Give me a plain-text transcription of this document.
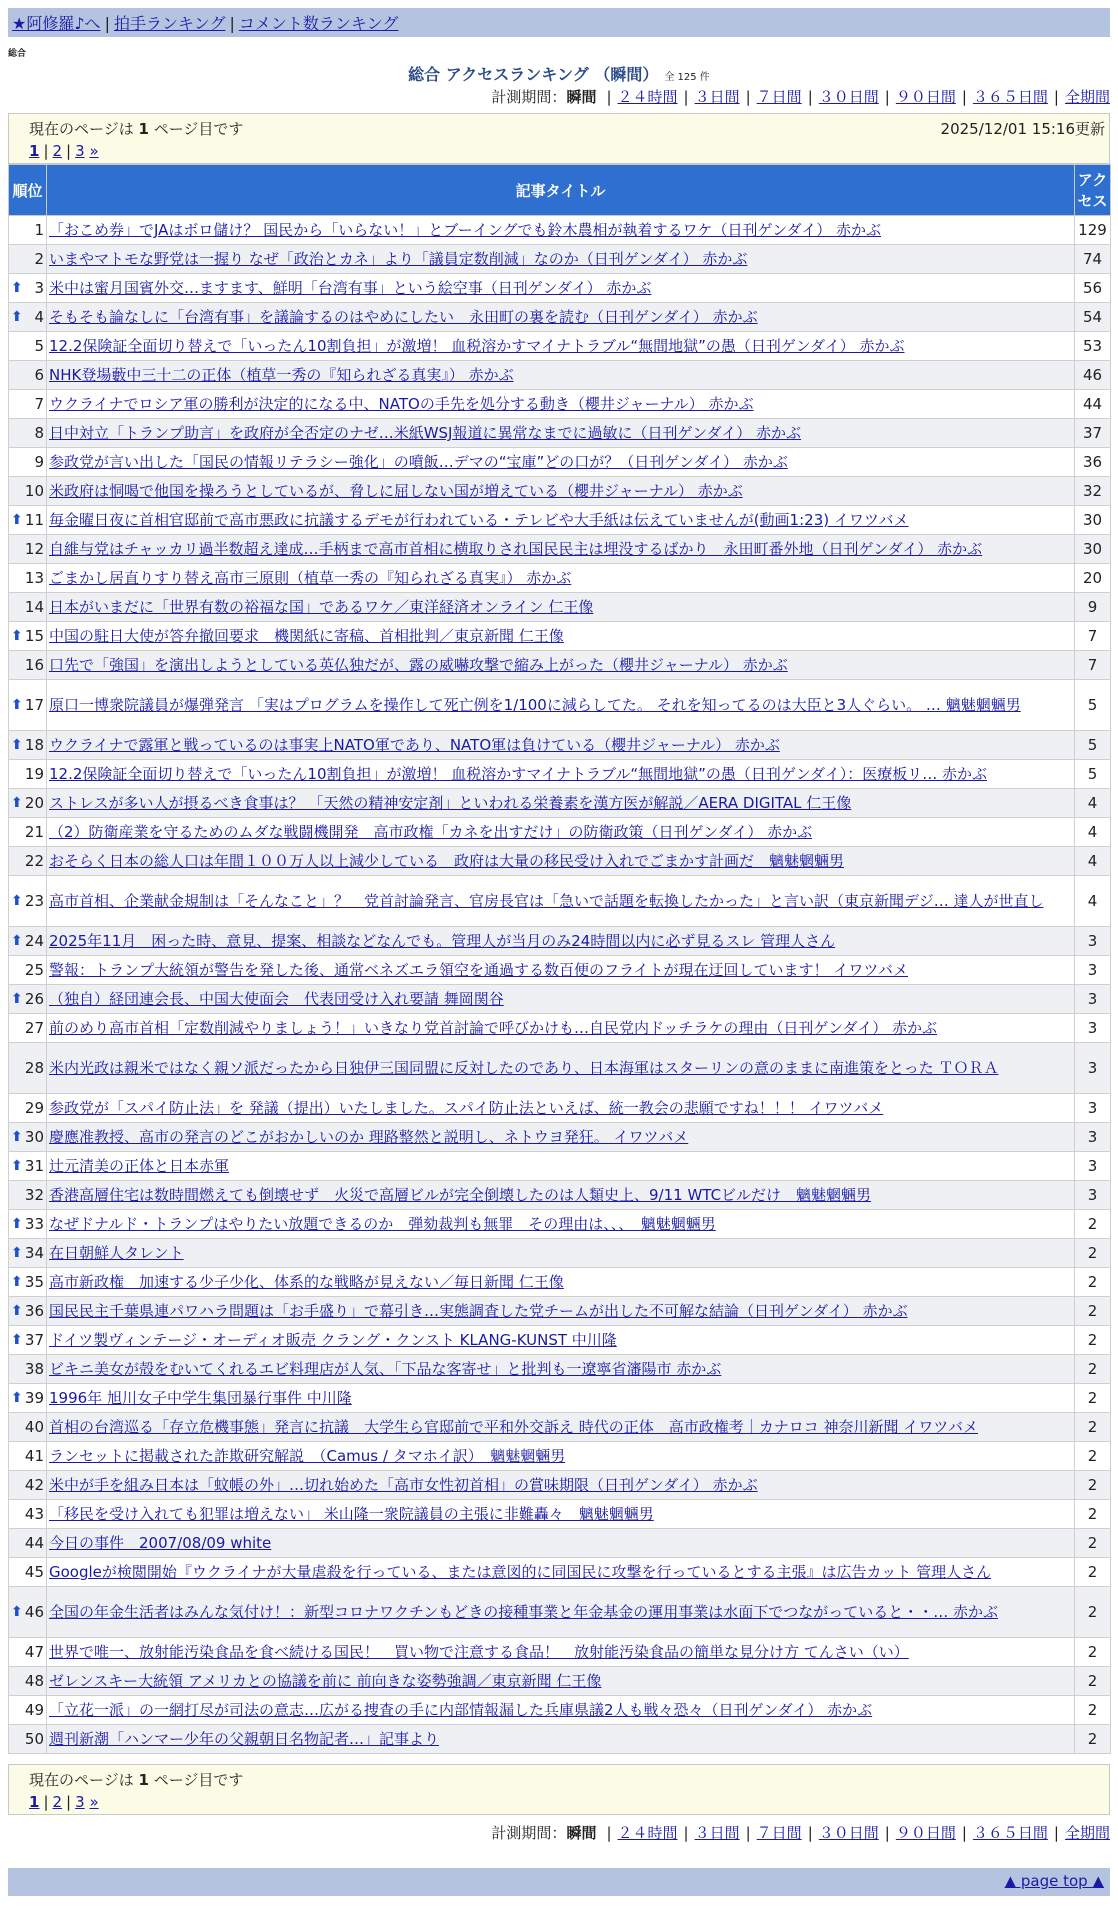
★阿修羅♪へ | 拍手ランキング | コメント数ランキング
総合
総合 アクセスランキング （瞬間） 全 125 件
計測期間：瞬間 | ２４時間 | ３日間 | ７日間 | ３０日間 | ９０日間 | ３６５日間 | 全期間
現在のページは 1 ページ目です	2025/12/01 15:16更新
1 | 2 | 3 »
順位	記事タイトル	アクセス
1	「おこめ券」でJAはボロ儲け？ 国民から「いらない！」とブーイングでも鈴木農相が執着するワケ（日刊ゲンダイ） 赤かぶ	129
2	いまやマトモな野党は一握り なぜ「政治とカネ」より「議員定数削減」なのか（日刊ゲンダイ） 赤かぶ	74

⬆ 3	米中は蜜月国賓外交…ますます、鮮明「台湾有事」という絵空事（日刊ゲンダイ） 赤かぶ	56

⬆ 4	そもそも論なしに「台湾有事」を議論するのはやめにしたい　永田町の裏を読む（日刊ゲンダイ） 赤かぶ	54
5	12.2保険証全面切り替えで「いったん10割負担」が激増！ 血税溶かすマイナトラブル“無間地獄”の愚（日刊ゲンダイ） 赤かぶ	53
6	NHK登場藪中三十二の正体（植草一秀の『知られざる真実』） 赤かぶ	46
7	ウクライナでロシア軍の勝利が決定的になる中、NATOの手先を処分する動き（櫻井ジャーナル） 赤かぶ	44
8	日中対立「トランプ助言」を政府が全否定のナゼ…米紙WSJ報道に異常なまでに過敏に（日刊ゲンダイ） 赤かぶ	37
9	参政党が言い出した「国民の情報リテラシー強化」の噴飯…デマの“宝庫”どの口が？（日刊ゲンダイ） 赤かぶ	36
10	米政府は恫喝で他国を操ろうとしているが、脅しに屈しない国が増えている（櫻井ジャーナル） 赤かぶ	32

⬆ 11	毎金曜日夜に首相官邸前で高市悪政に抗議するデモが行われている・テレビや大手紙は伝えていませんが(動画1:23) イワツバメ	30
12	自維与党はチャッカリ過半数超え達成…手柄まで高市首相に横取りされ国民民主は埋没するばかり　永田町番外地（日刊ゲンダイ） 赤かぶ	30
13	ごまかし居直りすり替え高市三原則（植草一秀の『知られざる真実』） 赤かぶ	20
14	日本がいまだに「世界有数の裕福な国」であるワケ／東洋経済オンライン 仁王像	9

⬆ 15	中国の駐日大使が答弁撤回要求　機関紙に寄稿、首相批判／東京新聞 仁王像	7
16	口先で「強国」を演出しようとしている英仏独だが、露の威嚇攻撃で縮み上がった（櫻井ジャーナル） 赤かぶ	7

⬆ 17	原口一博衆院議員が爆弾発言 「実はプログラムを操作して死亡例を1/100に減らしてた。 それを知ってるのは大臣と3人ぐらい。 … 魑魅魍魎男	5

⬆ 18	ウクライナで露軍と戦っているのは事実上NATO軍であり、NATO軍は負けている（櫻井ジャーナル） 赤かぶ	5
19	12.2保険証全面切り替えで「いったん10割負担」が激増！ 血税溶かすマイナトラブル“無間地獄”の愚（日刊ゲンダイ）：医療板リ… 赤かぶ	5

⬆ 20	ストレスが多い人が摂るべき食事は？ 「天然の精神安定剤」といわれる栄養素を漢方医が解説／AERA DIGITAL 仁王像	4
21	（2）防衛産業を守るためのムダな戦闘機開発　高市政権「カネを出すだけ」の防衛政策（日刊ゲンダイ） 赤かぶ	4
22	おそらく日本の総人口は年間１００万人以上減少している　政府は大量の移民受け入れでごまかす計画だ　魑魅魍魎男	4

⬆ 23	高市首相、企業献金規制は「そんなこと」？　党首討論発言、官房長官は「急いで話題を転換したかった」と言い訳（東京新聞デジ… 達人が世直し	4

⬆ 24	2025年11月　困った時、意見、提案、相談などなんでも。管理人が当月のみ24時間以内に必ず見るスレ 管理人さん	3
25	警報：トランプ大統領が警告を発した後、通常ベネズエラ領空を通過する数百便のフライトが現在迂回しています！ イワツバメ	3

⬆ 26	（独自）経団連会長、中国大使面会　代表団受け入れ要請 舞岡関谷	3
27	前のめり高市首相「定数削減やりましょう！」いきなり党首討論で呼びかけも…自民党内ドッチラケの理由（日刊ゲンダイ） 赤かぶ	3
28	米内光政は親米ではなく親ソ派だったから日独伊三国同盟に反対したのであり、日本海軍はスターリンの意のままに南進策をとった ＴＯＲＡ	3
29	参政党が「スパイ防止法」を 発議（提出）いたしました。スパイ防止法といえば、統一教会の悲願ですね！！！ イワツバメ	3

⬆ 30	慶應准教授、高市の発言のどこがおかしいのか 理路整然と説明し、ネトウヨ発狂。 イワツバメ	3

⬆ 31	辻元清美の正体と日本赤軍	3
32	香港高層住宅は数時間燃えても倒壊せず　火災で高層ビルが完全倒壊したのは人類史上、9/11 WTCビルだけ　魑魅魍魎男	3

⬆ 33	なぜドナルド・トランプはやりたい放題できるのか　弾劾裁判も無罪　その理由は、、、　魑魅魍魎男	2

⬆ 34	在日朝鮮人タレント	2

⬆ 35	高市新政権　加速する少子少化、体系的な戦略が見えない／毎日新聞 仁王像	2

⬆ 36	国民民主千葉県連パワハラ問題は「お手盛り」で幕引き…実態調査した党チームが出した不可解な結論（日刊ゲンダイ） 赤かぶ	2

⬆ 37	ドイツ製ヴィンテージ・オーディオ販売 クラング・クンスト KLANG-KUNST 中川隆	2
38	ビキニ美女が殻をむいてくれるエビ料理店が人気、「下品な客寄せ」と批判も一遼寧省瀋陽市 赤かぶ	2

⬆ 39	1996年 旭川女子中学生集団暴行事件 中川隆	2
40	首相の台湾巡る「存立危機事態」発言に抗議　大学生ら官邸前で平和外交訴え 時代の正体　高市政権考｜カナロコ 神奈川新聞 イワツバメ	2
41	ランセットに掲載された詐欺研究解説　（Camus / タマホイ訳）　魑魅魍魎男	2
42	米中が手を組み日本は「蚊帳の外」…切れ始めた「高市女性初首相」の賞味期限（日刊ゲンダイ） 赤かぶ	2
43	「移民を受け入れても犯罪は増えない」 米山隆一衆院議員の主張に非難轟々　魑魅魍魎男	2
44	今日の事件　2007/08/09 white	2
45	Googleが検閲開始『ウクライナが大量虐殺を行っている、または意図的に同国民に攻撃を行っているとする主張』は広告カット 管理人さん	2

⬆ 46	全国の年金生活者はみんな気付け！：新型コロナワクチンもどきの接種事業と年金基金の運用事業は水面下でつながっていると・・… 赤かぶ	2
47	世界で唯一、放射能汚染食品を食べ続ける国民！　買い物で注意する食品！　放射能汚染食品の簡単な見分け方 てんさい（い）	2
48	ゼレンスキー大統領 アメリカとの協議を前に 前向きな姿勢強調／東京新聞 仁王像	2
49	「立花一派」の一網打尽が司法の意志…広がる捜査の手に内部情報漏した兵庫県議2人も戦々恐々（日刊ゲンダイ） 赤かぶ	2
50	週刊新潮「ハンマー少年の父親朝日名物記者…」記事より	2
現在のページは 1 ページ目です
1 | 2 | 3 »
計測期間：瞬間 | ２４時間 | ３日間 | ７日間 | ３０日間 | ９０日間 | ３６５日間 | 全期間
▲ page top ▲
